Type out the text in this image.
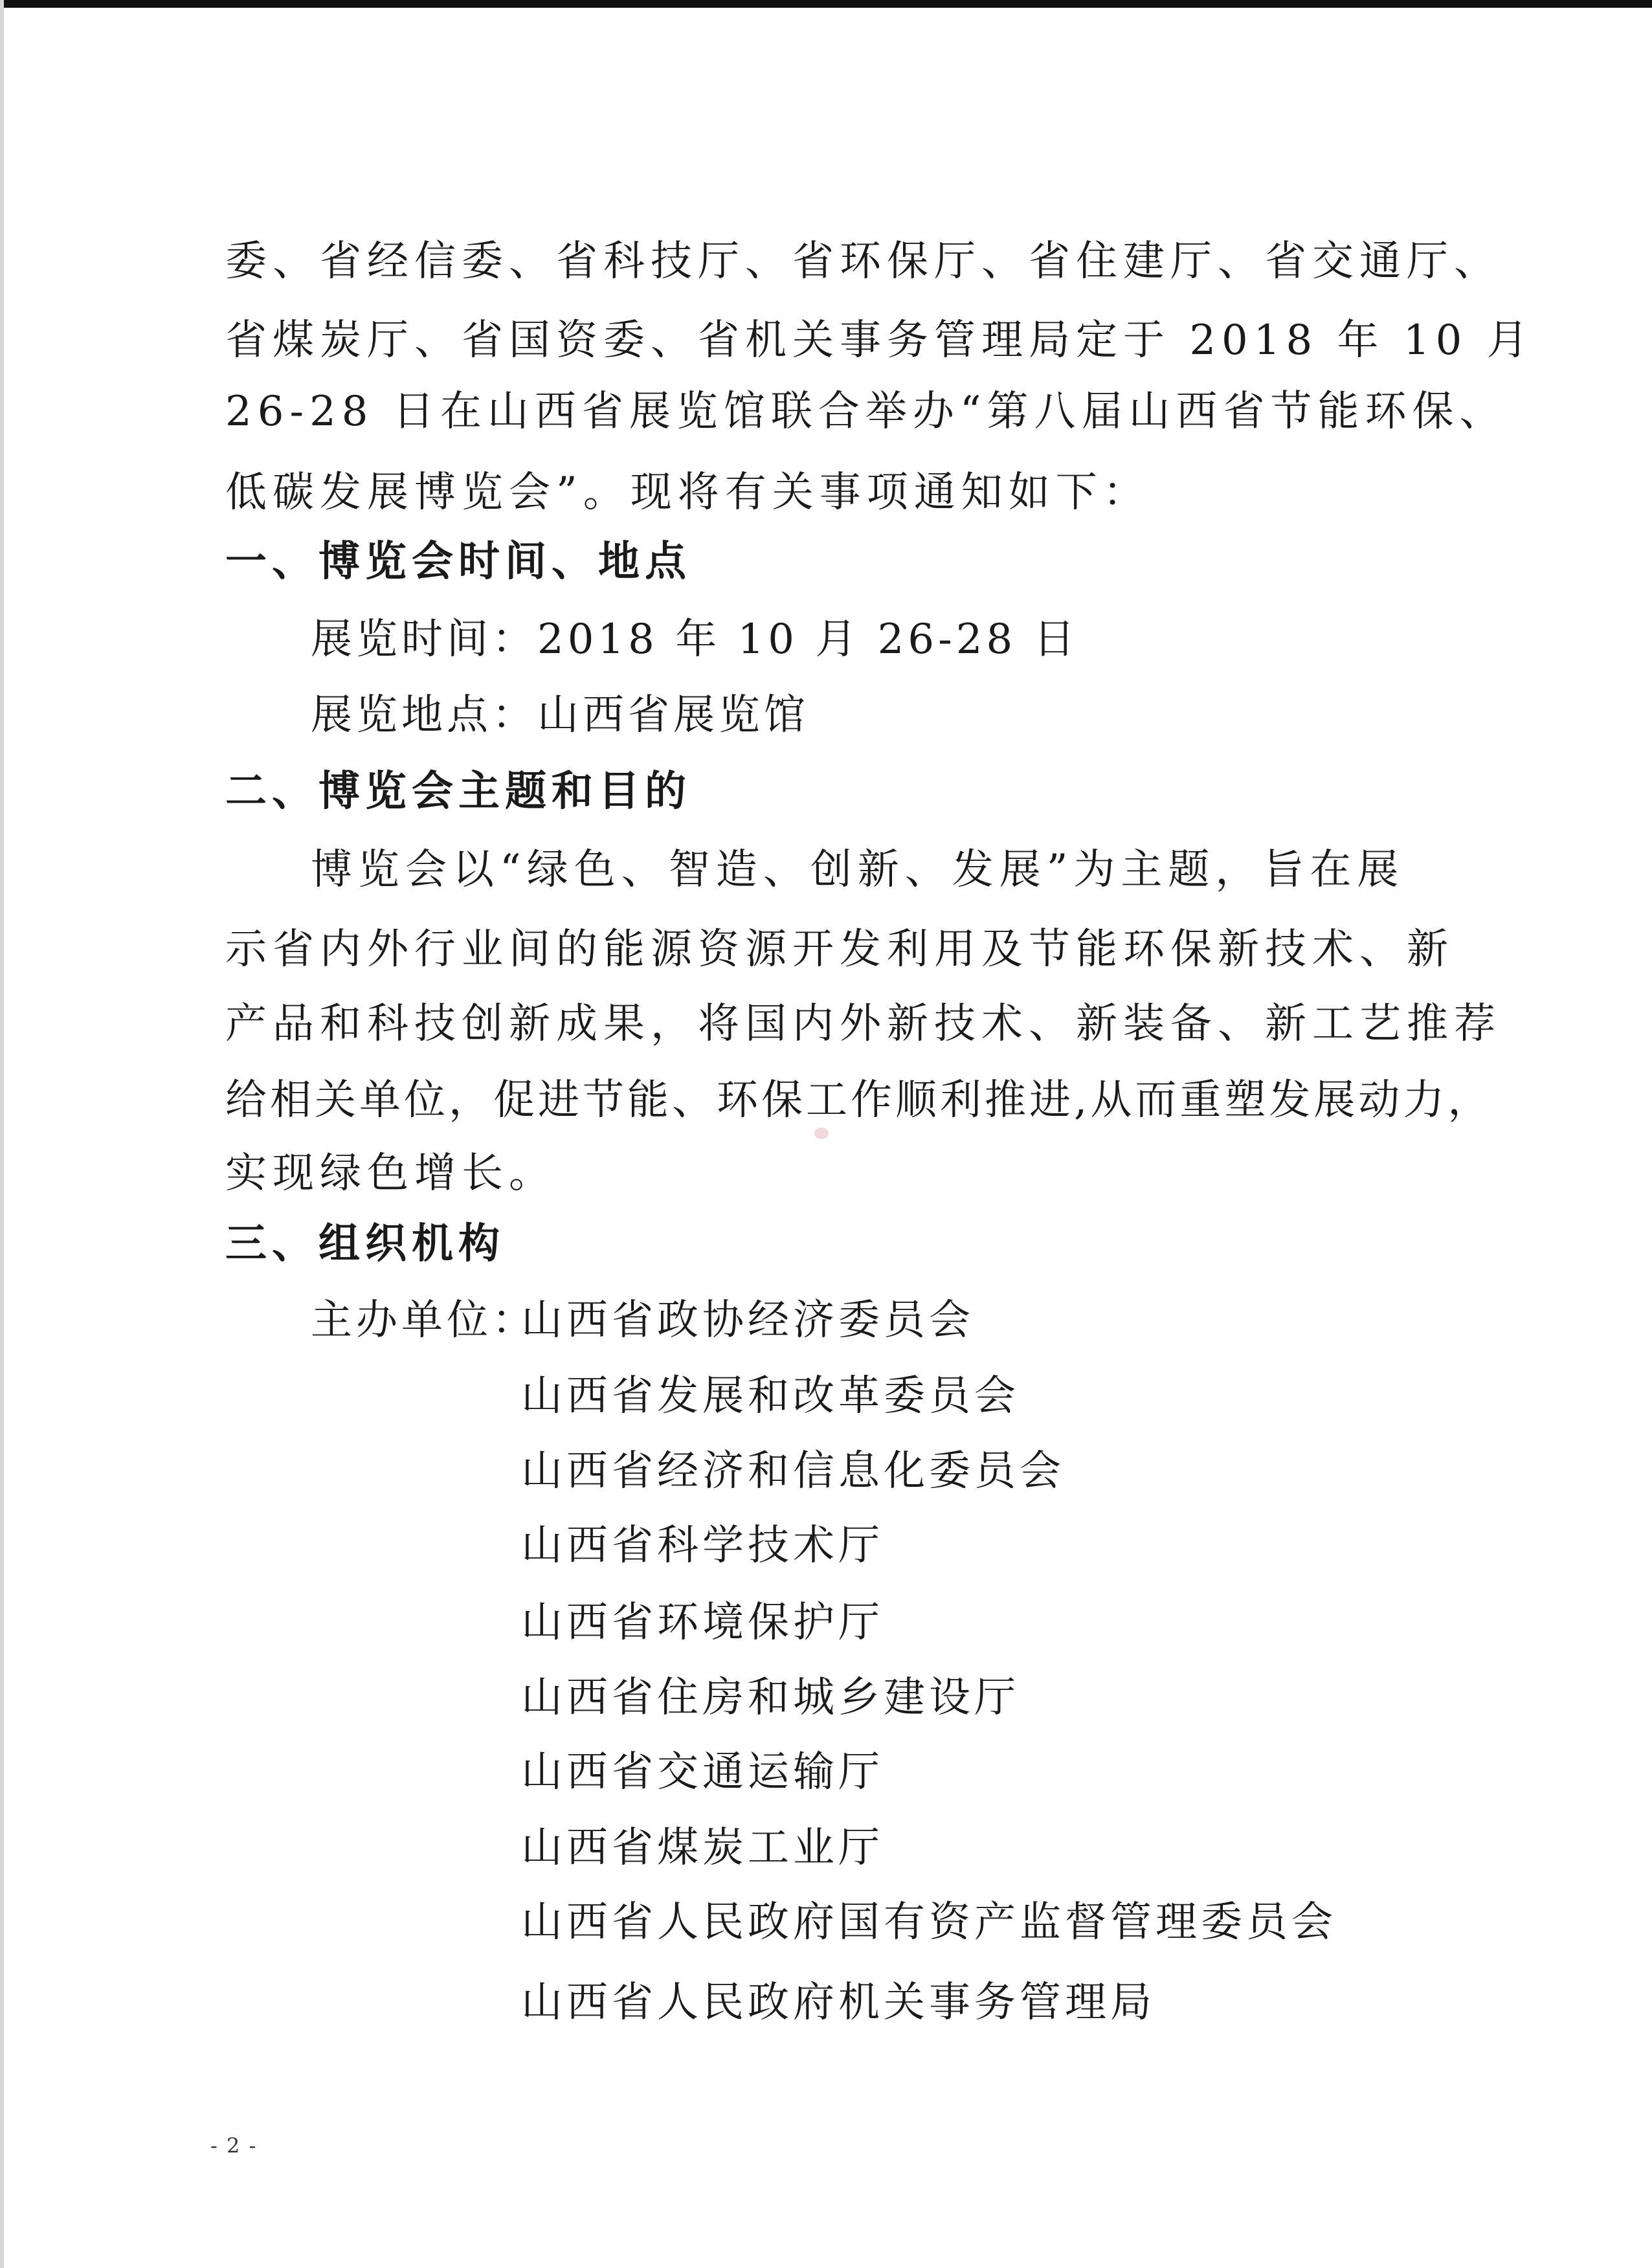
委、省经信委、省科技厅、省环保厅、省住建厅、省交通厅、

省煤炭厅、省国资委、省机关事务管理局定于 2018 年 10 月

26-28 日在山西省展览馆联合举办“第八届山西省节能环保、

低碳发展博览会”。现将有关事项通知如下：

一、博览会时间、地点

展览时间：2018 年 10 月 26-28 日

展览地点：山西省展览馆

二、博览会主题和目的

博览会以“绿色、智造、创新、发展”为主题，旨在展

示省内外行业间的能源资源开发利用及节能环保新技术、新

产品和科技创新成果，将国内外新技术、新装备、新工艺推荐

给相关单位，促进节能、环保工作顺利推进,从而重塑发展动力，

实现绿色增长。

三、组织机构

主办单位：

山西省政协经济委员会

山西省发展和改革委员会

山西省经济和信息化委员会

山西省科学技术厅

山西省环境保护厅

山西省住房和城乡建设厅

山西省交通运输厅

山西省煤炭工业厅

山西省人民政府国有资产监督管理委员会

山西省人民政府机关事务管理局

- 2 -
